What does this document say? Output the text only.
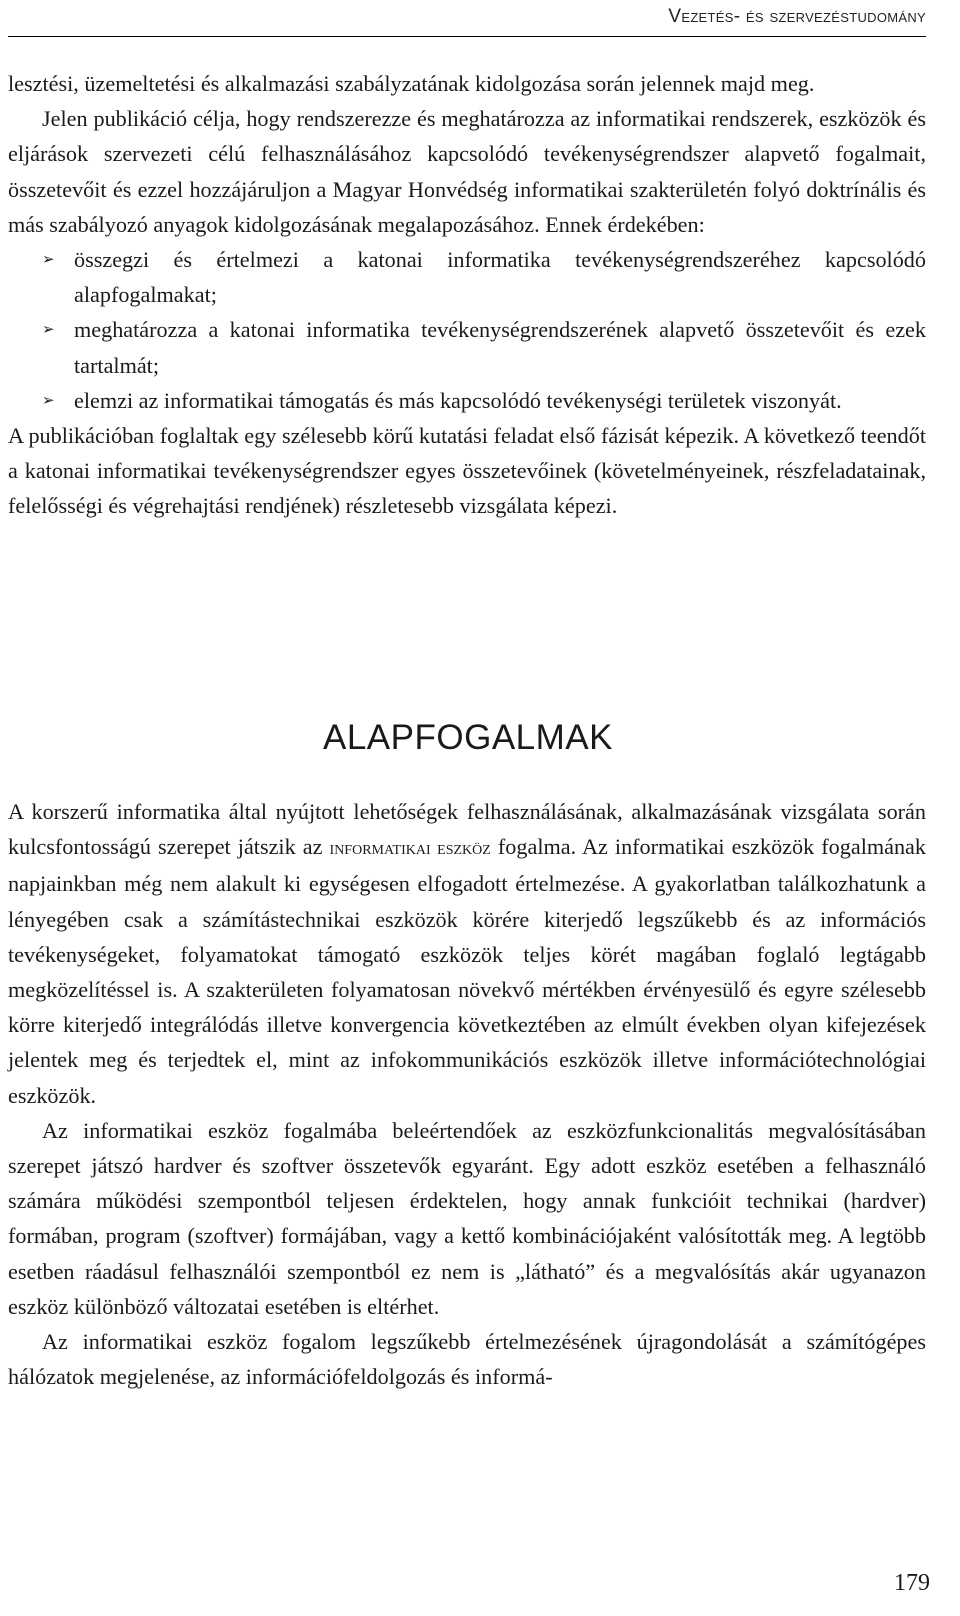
Vezetés- és szervezéstudomány

lesztési, üzemeltetési és alkalmazási szabályzatának kidolgozása során jelennek majd meg.

Jelen publikáció célja, hogy rendszerezze és meghatározza az informatikai rendszerek, eszközök és eljárások szervezeti célú felhasználásához kapcsolódó tevékenységrendszer alapvető fogalmait, összetevőit és ezzel hozzájáruljon a Magyar Honvédség informatikai szakterületén folyó doktrínális és más szabályozó anyagok kidolgozásának megalapozásához. Ennek érdekében:

➢ összegzi és értelmezi a katonai informatika tevékenységrendszeréhez kapcsolódó alapfogalmakat;
➢ meghatározza a katonai informatika tevékenységrendszerének alapvető összetevőit és ezek tartalmát;
➢ elemzi az informatikai támogatás és más kapcsolódó tevékenységi területek viszonyát.

A publikációban foglaltak egy szélesebb körű kutatási feladat első fázisát képezik. A következő teendőt a katonai informatikai tevékenységrendszer egyes összetevőinek (követelményeinek, részfeladatainak, felelősségi és végrehajtási rendjének) részletesebb vizsgálata képezi.

ALAPFOGALMAK

A korszerű informatika által nyújtott lehetőségek felhasználásának, alkalmazásának vizsgálata során kulcsfontosságú szerepet játszik az informatikai eszköz fogalma. Az informatikai eszközök fogalmának napjainkban még nem alakult ki egységesen elfogadott értelmezése. A gyakorlatban találkozhatunk a lényegében csak a számítástechnikai eszközök körére kiterjedő legszűkebb és az információs tevékenységeket, folyamatokat támogató eszközök teljes körét magában foglaló legtágabb megközelítéssel is. A szakterületen folyamatosan növekvő mértékben érvényesülő és egyre szélesebb körre kiterjedő integrálódás illetve konvergencia következtében az elmúlt években olyan kifejezések jelentek meg és terjedtek el, mint az infokommunikációs eszközök illetve információtechnológiai eszközök.

Az informatikai eszköz fogalmába beleértendőek az eszközfunkcionalitás megvalósításában szerepet játszó hardver és szoftver összetevők egyaránt. Egy adott eszköz esetében a felhasználó számára működési szempontból teljesen érdektelen, hogy annak funkcióit technikai (hardver) formában, program (szoftver) formájában, vagy a kettő kombinációjaként valósították meg. A legtöbb esetben ráadásul felhasználói szempontból ez nem is „látható” és a megvalósítás akár ugyanazon eszköz különböző változatai esetében is eltérhet.

Az informatikai eszköz fogalom legszűkebb értelmezésének újragondolását a számítógépes hálózatok megjelenése, az információfeldolgozás és informá-

179
